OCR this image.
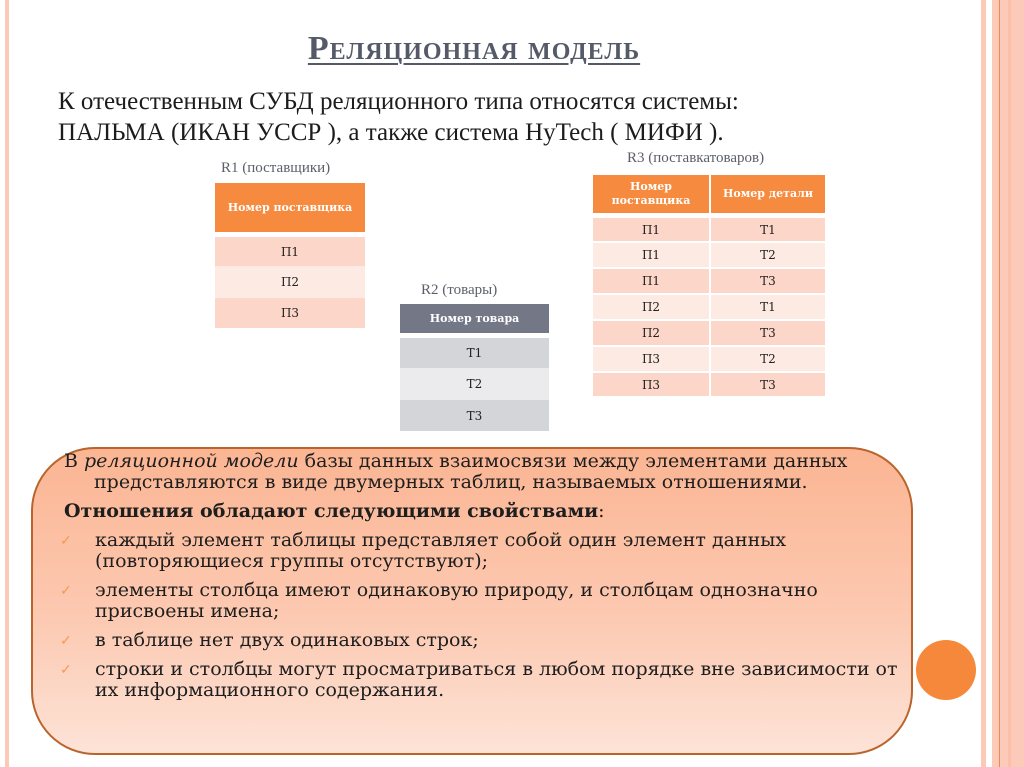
Реляционная модель

К отечественным СУБД реляционного типа относятся системы:

ПАЛЬМА (ИКАН УССР ), а также система HyTech ( МИФИ ).

R1 (поставщики)
Номер поставщика

П1
П2
П3
R2 (товары)
Номер товара

Т1
Т2
Т3
R3 (поставкатоваров)
Номер поставщика	Номер детали

П1	Т1
П1	Т2
П1	Т3
П2	Т1
П2	Т3
П3	Т2
П3	Т3
В реляционной модели базы данных взаимосвязи между элементами данных представляются в виде двумерных таблиц, называемых отношениями.
Отношения обладают следующими свойствами:
✓ каждый элемент таблицы представляет собой один элемент данных (повторяющиеся группы отсутствуют);
✓ элементы столбца имеют одинаковую природу, и столбцам однозначно присвоены имена;
✓ в таблице нет двух одинаковых строк;
✓ строки и столбцы могут просматриваться в любом порядке вне зависимости от их информационного содержания.
